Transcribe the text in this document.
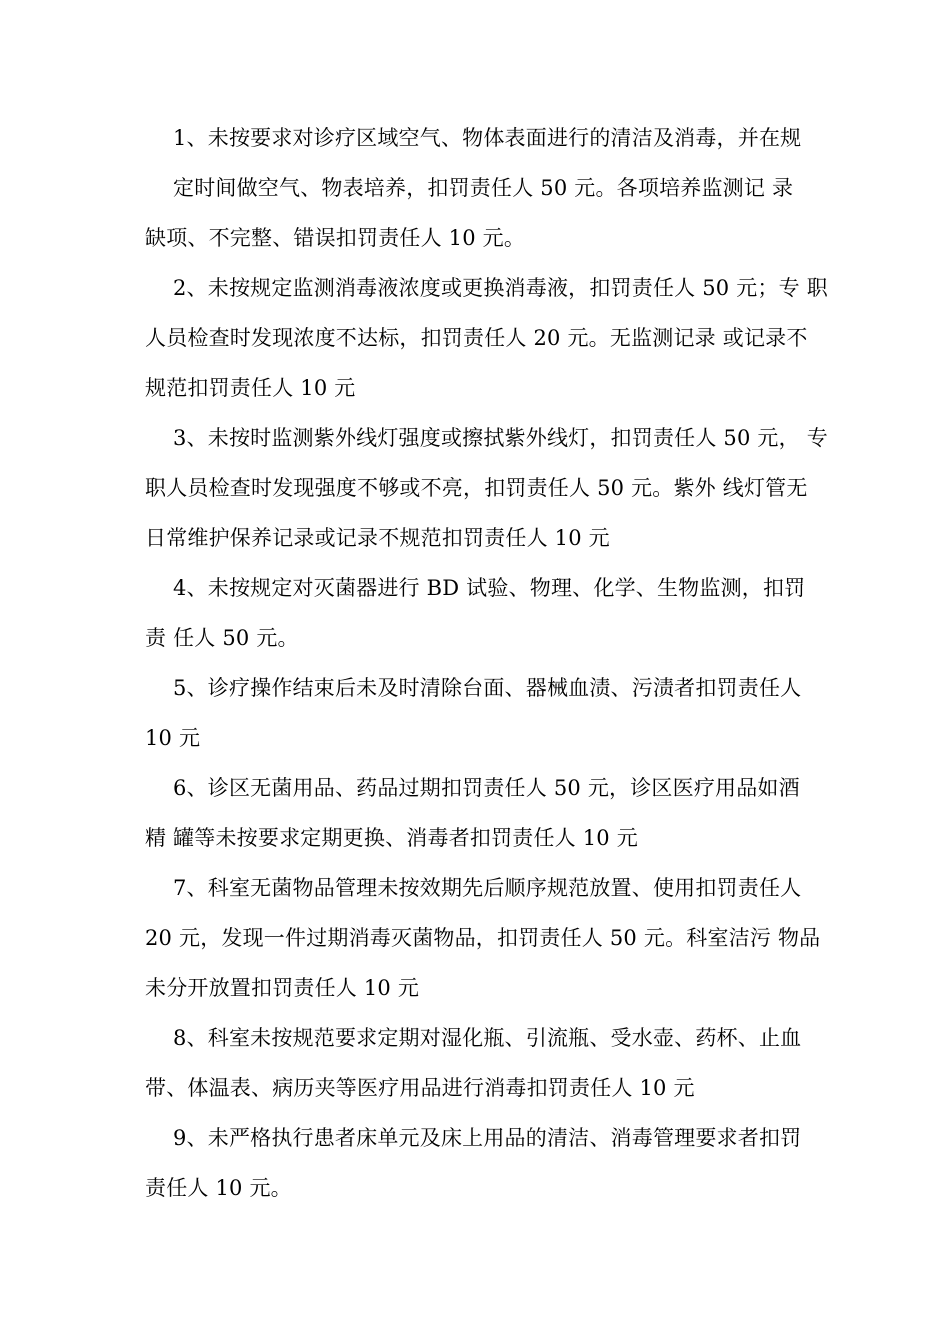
1、未按要求对诊疗区域空气、物体表面进行的清洁及消毒，并在规
定时间做空气、物表培养，扣罚责任人 50 元。各项培养监测记 录
缺项、不完整、错误扣罚责任人 10 元。
2、未按规定监测消毒液浓度或更换消毒液，扣罚责任人 50 元；专 职
人员检查时发现浓度不达标，扣罚责任人 20 元。无监测记录 或记录不
规范扣罚责任人 10 元
3、未按时监测紫外线灯强度或擦拭紫外线灯，扣罚责任人 50 元， 专
职人员检查时发现强度不够或不亮，扣罚责任人 50 元。紫外 线灯管无
日常维护保养记录或记录不规范扣罚责任人 10 元
4、未按规定对灭菌器进行 BD 试验、物理、化学、生物监测，扣罚
责 任人 50 元。
5、诊疗操作结束后未及时清除台面、器械血渍、污渍者扣罚责任人
10 元
6、诊区无菌用品、药品过期扣罚责任人 50 元，诊区医疗用品如酒
精 罐等未按要求定期更换、消毒者扣罚责任人 10 元
7、科室无菌物品管理未按效期先后顺序规范放置、使用扣罚责任人
20 元，发现一件过期消毒灭菌物品，扣罚责任人 50 元。科室洁污 物品
未分开放置扣罚责任人 10 元
8、科室未按规范要求定期对湿化瓶、引流瓶、受水壶、药杯、止血
带、体温表、病历夹等医疗用品进行消毒扣罚责任人 10 元
9、未严格执行患者床单元及床上用品的清洁、消毒管理要求者扣罚
责任人 10 元。
